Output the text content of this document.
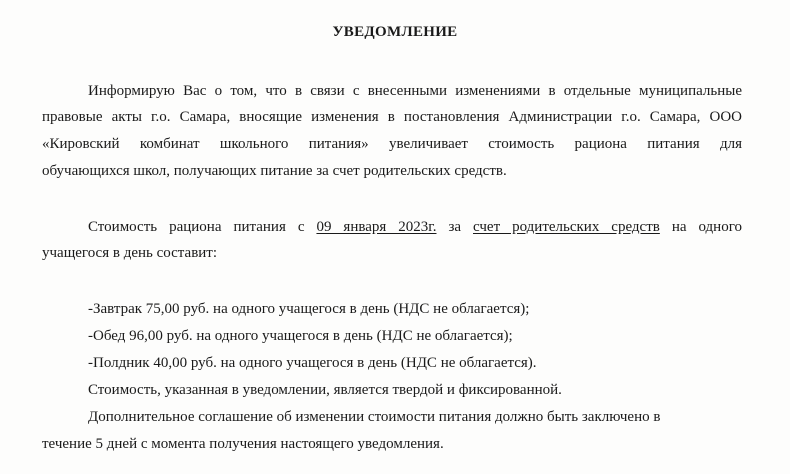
УВЕДОМЛЕНИЕ
Информирую Вас о том, что в связи с внесенными изменениями в отдельные муниципальные
правовые акты г.о. Самара, вносящие изменения в постановления Администрации г.о. Самара, ООО
«Кировский комбинат школьного питания» увеличивает стоимость рациона питания для
обучающихся школ, получающих питание за счет родительских средств.
Стоимость рациона питания с 09 января 2023г. за счет родительских средств на одного
учащегося в день составит:
-Завтрак 75,00 руб. на одного учащегося в день (НДС не облагается);
-Обед 96,00 руб. на одного учащегося в день (НДС не облагается);
-Полдник 40,00 руб. на одного учащегося в день (НДС не облагается).
Стоимость, указанная в уведомлении, является твердой и фиксированной.
Дополнительное соглашение об изменении стоимости питания должно быть заключено в
течение 5 дней с момента получения настоящего уведомления.
